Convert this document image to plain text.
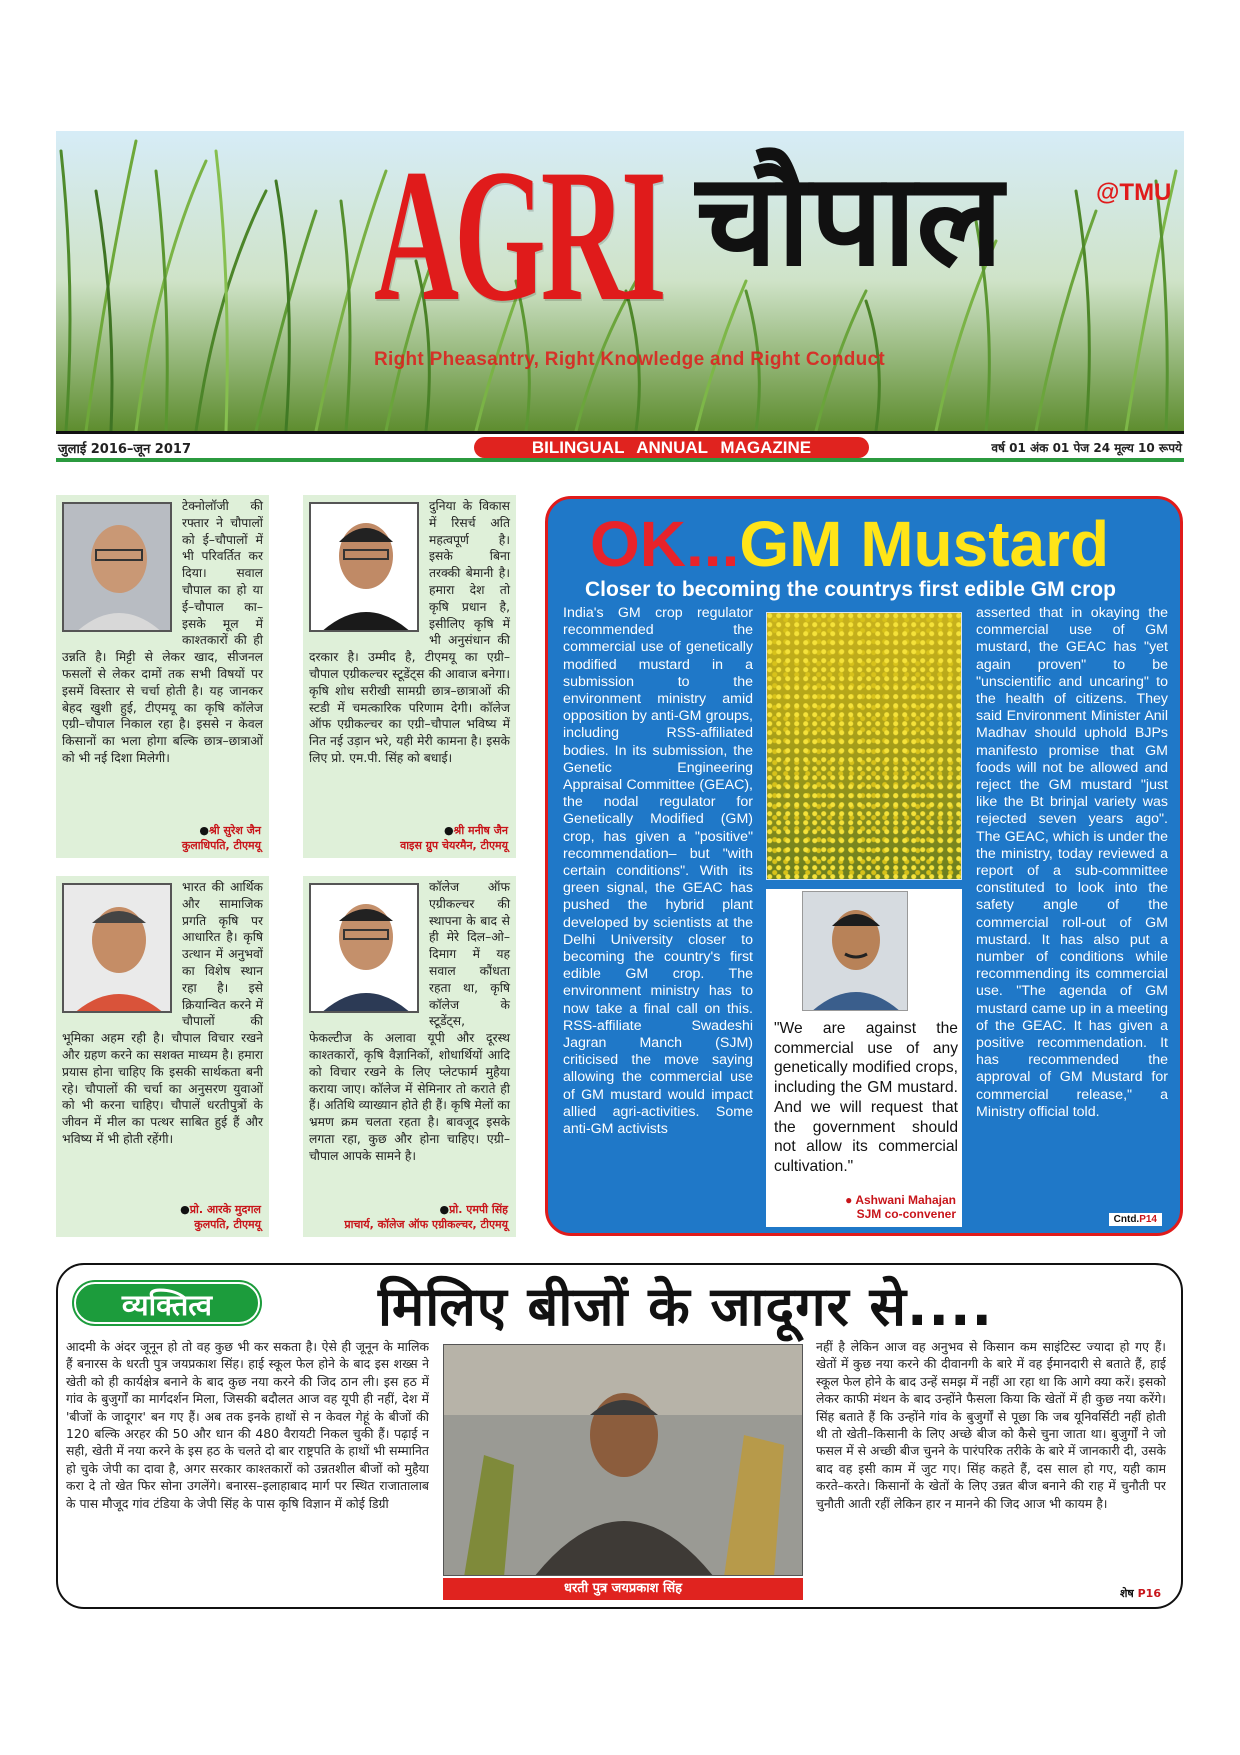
AGRI चौपाल	@TMU
Right Pheasantry, Right Knowledge and Right Conduct
जुलाई 2016–जून 2017	BILINGUAL ANNUAL MAGAZINE	वर्ष 01 अंक 01 पेज 24 मूल्य 10 रूपये
टेक्नोलॉजी की रफ्तार ने चौपालों को ई–चौपालों में भी परिवर्तित कर दिया। सवाल चौपाल का हो या ई–चौपाल का– इसके मूल में काश्तकारों की ही उन्नति है। मिट्टी से लेकर खाद, सीजनल फसलों से लेकर दामों तक सभी विषयों पर इसमें विस्तार से चर्चा होती है। यह जानकर बेहद खुशी हुई, टीएमयू का कृषि कॉलेज एग्री–चौपाल निकाल रहा है। इससे न केवल किसानों का भला होगा बल्कि छात्र–छात्राओं को भी नई दिशा मिलेगी।
●श्री सुरेश जैन
कुलाधिपति, टीएमयू
दुनिया के विकास में रिसर्च अति महत्वपूर्ण है। इसके बिना तरक्की बेमानी है। हमारा देश तो कृषि प्रधान है, इसीलिए कृषि में भी अनुसंधान की दरकार है। उम्मीद है, टीएमयू का एग्री– चौपाल एग्रीकल्चर स्टूडेंट्स की आवाज बनेगा। कृषि शोध सरीखी सामग्री छात्र–छात्राओं की स्टडी में चमत्कारिक परिणाम देगी। कॉलेज ऑफ एग्रीकल्चर का एग्री–चौपाल भविष्य में नित नई उड़ान भरे, यही मेरी कामना है। इसके लिए प्रो. एम.पी. सिंह को बधाई।
●श्री मनीष जैन
वाइस ग्रुप चेयरमैन, टीएमयू
भारत की आर्थिक और सामाजिक प्रगति कृषि पर आधारित है। कृषि उत्थान में अनुभवों का विशेष स्थान रहा है। इसे क्रियान्वित करने में चौपालों की भूमिका अहम रही है। चौपाल विचार रखने और ग्रहण करने का सशक्त माध्यम है। हमारा प्रयास होना चाहिए कि इसकी सार्थकता बनी रहे। चौपालों की चर्चा का अनुसरण युवाओं को भी करना चाहिए। चौपालें धरतीपुत्रों के जीवन में मील का पत्थर साबित हुई हैं और भविष्य में भी होती रहेंगी।
●प्रो. आरके मुदगल
कुलपति, टीएमयू
कॉलेज ऑफ एग्रीकल्चर की स्थापना के बाद से ही मेरे दिल–ओ–दिमाग में यह सवाल कौंधता रहता था, कृषि कॉलेज के स्टूडेंट्स, फेकल्टीज के अलावा यूपी और दूरस्थ काश्तकारों, कृषि वैज्ञानिकों, शोधार्थियों आदि को विचार रखने के लिए प्लेटफार्म मुहैया कराया जाए। कॉलेज में सेमिनार तो कराते ही हैं। अतिथि व्याख्यान होते ही हैं। कृषि मेलों का भ्रमण क्रम चलता रहता है। बावजूद इसके लगता रहा, कुछ और होना चाहिए। एग्री–चौपाल आपके सामने है।
●प्रो. एमपी सिंह
प्राचार्य, कॉलेज ऑफ एग्रीकल्चर, टीएमयू
OK...GM Mustard
Closer to becoming the countrys first edible GM crop

India's GM crop regulator recommended the commercial use of genetically modified mustard in a submission to the environment ministry amid opposition by anti-GM groups, including RSS-affiliated bodies. In its submission, the Genetic Engineering Appraisal Committee (GEAC), the nodal regulator for Genetically Modified (GM) crop, has given a "positive" recommendation– but "with certain conditions". With its green signal, the GEAC has pushed the hybrid plant developed by scientists at the Delhi University closer to becoming the country's first edible GM crop. The environment ministry has to now take a final call on this. RSS-affiliate Swadeshi Jagran Manch (SJM) criticised the move saying allowing the commercial use of GM mustard would impact allied agri-activities. Some anti-GM activists

"We are against the commercial use of any genetically modified crops, including the GM mustard. And we will request that the government should not allow its commercial cultivation."
● Ashwani Mahajan
SJM co-convener

asserted that in okaying the commercial use of GM mustard, the GEAC has "yet again proven" to be "unscientific and uncaring" to the health of citizens. They said Environment Minister Anil Madhav should uphold BJPs manifesto promise that GM foods will not be allowed and reject the GM mustard "just like the Bt brinjal variety was rejected seven years ago". The GEAC, which is under the the ministry, today reviewed a report of a sub-committee constituted to look into the safety angle of the commercial roll-out of GM mustard. It has also put a number of conditions while recommending its commercial use. "The agenda of GM mustard came up in a meeting of the GEAC. It has given a positive recommendation. It has recommended the approval of GM Mustard for commercial release," a Ministry official told.

Cntd.P14
व्यक्तित्व	मिलिए बीजों के जादूगर से....
आदमी के अंदर जूनून हो तो वह कुछ भी कर सकता है। ऐसे ही जूनून के मालिक हैं बनारस के धरती पुत्र जयप्रकाश सिंह। हाई स्कूल फेल होने के बाद इस शख्स ने खेती को ही कार्यक्षेत्र बनाने के बाद कुछ नया करने की जिद ठान ली। इस हठ में गांव के बुजुर्गों का मार्गदर्शन मिला, जिसकी बदौलत आज वह यूपी ही नहीं, देश में 'बीजों के जादूगर' बन गए हैं। अब तक इनके हाथों से न केवल गेहूं के बीजों की 120 बल्कि अरहर की 50 और धान की 480 वैरायटी निकल चुकी हैं। पढ़ाई न सही, खेती में नया करने के इस हठ के चलते दो बार राष्ट्रपति के हाथों भी सम्मानित हो चुके जेपी का दावा है, अगर सरकार काश्तकारों को उन्नतशील बीजों को मुहैया करा दे तो खेत फिर सोना उगलेंगे। बनारस–इलाहाबाद मार्ग पर स्थित राजातालाब के पास मौजूद गांव टंडिया के जेपी सिंह के पास कृषि विज्ञान में कोई डिग्री
धरती पुत्र जयप्रकाश सिंह
नहीं है लेकिन आज वह अनुभव से किसान कम साइंटिस्ट ज्यादा हो गए हैं। खेतों में कुछ नया करने की दीवानगी के बारे में वह ईमानदारी से बताते हैं, हाई स्कूल फेल होने के बाद उन्हें समझ में नहीं आ रहा था कि आगे क्या करें। इसको लेकर काफी मंथन के बाद उन्होंने फैसला किया कि खेतों में ही कुछ नया करेंगे। सिंह बताते हैं कि उन्होंने गांव के बुजुर्गों से पूछा कि जब यूनिवर्सिटी नहीं होती थी तो खेती–किसानी के लिए अच्छे बीज को कैसे चुना जाता था। बुजुर्गों ने जो फसल में से अच्छी बीज चुनने के पारंपरिक तरीके के बारे में जानकारी दी, उसके बाद वह इसी काम में जुट गए। सिंह कहते हैं, दस साल हो गए, यही काम करते–करते। किसानों के खेतों के लिए उन्नत बीज बनाने की राह में चुनौती पर चुनौती आती रहीं लेकिन हार न मानने की जिद आज भी कायम है।
शेष P16
